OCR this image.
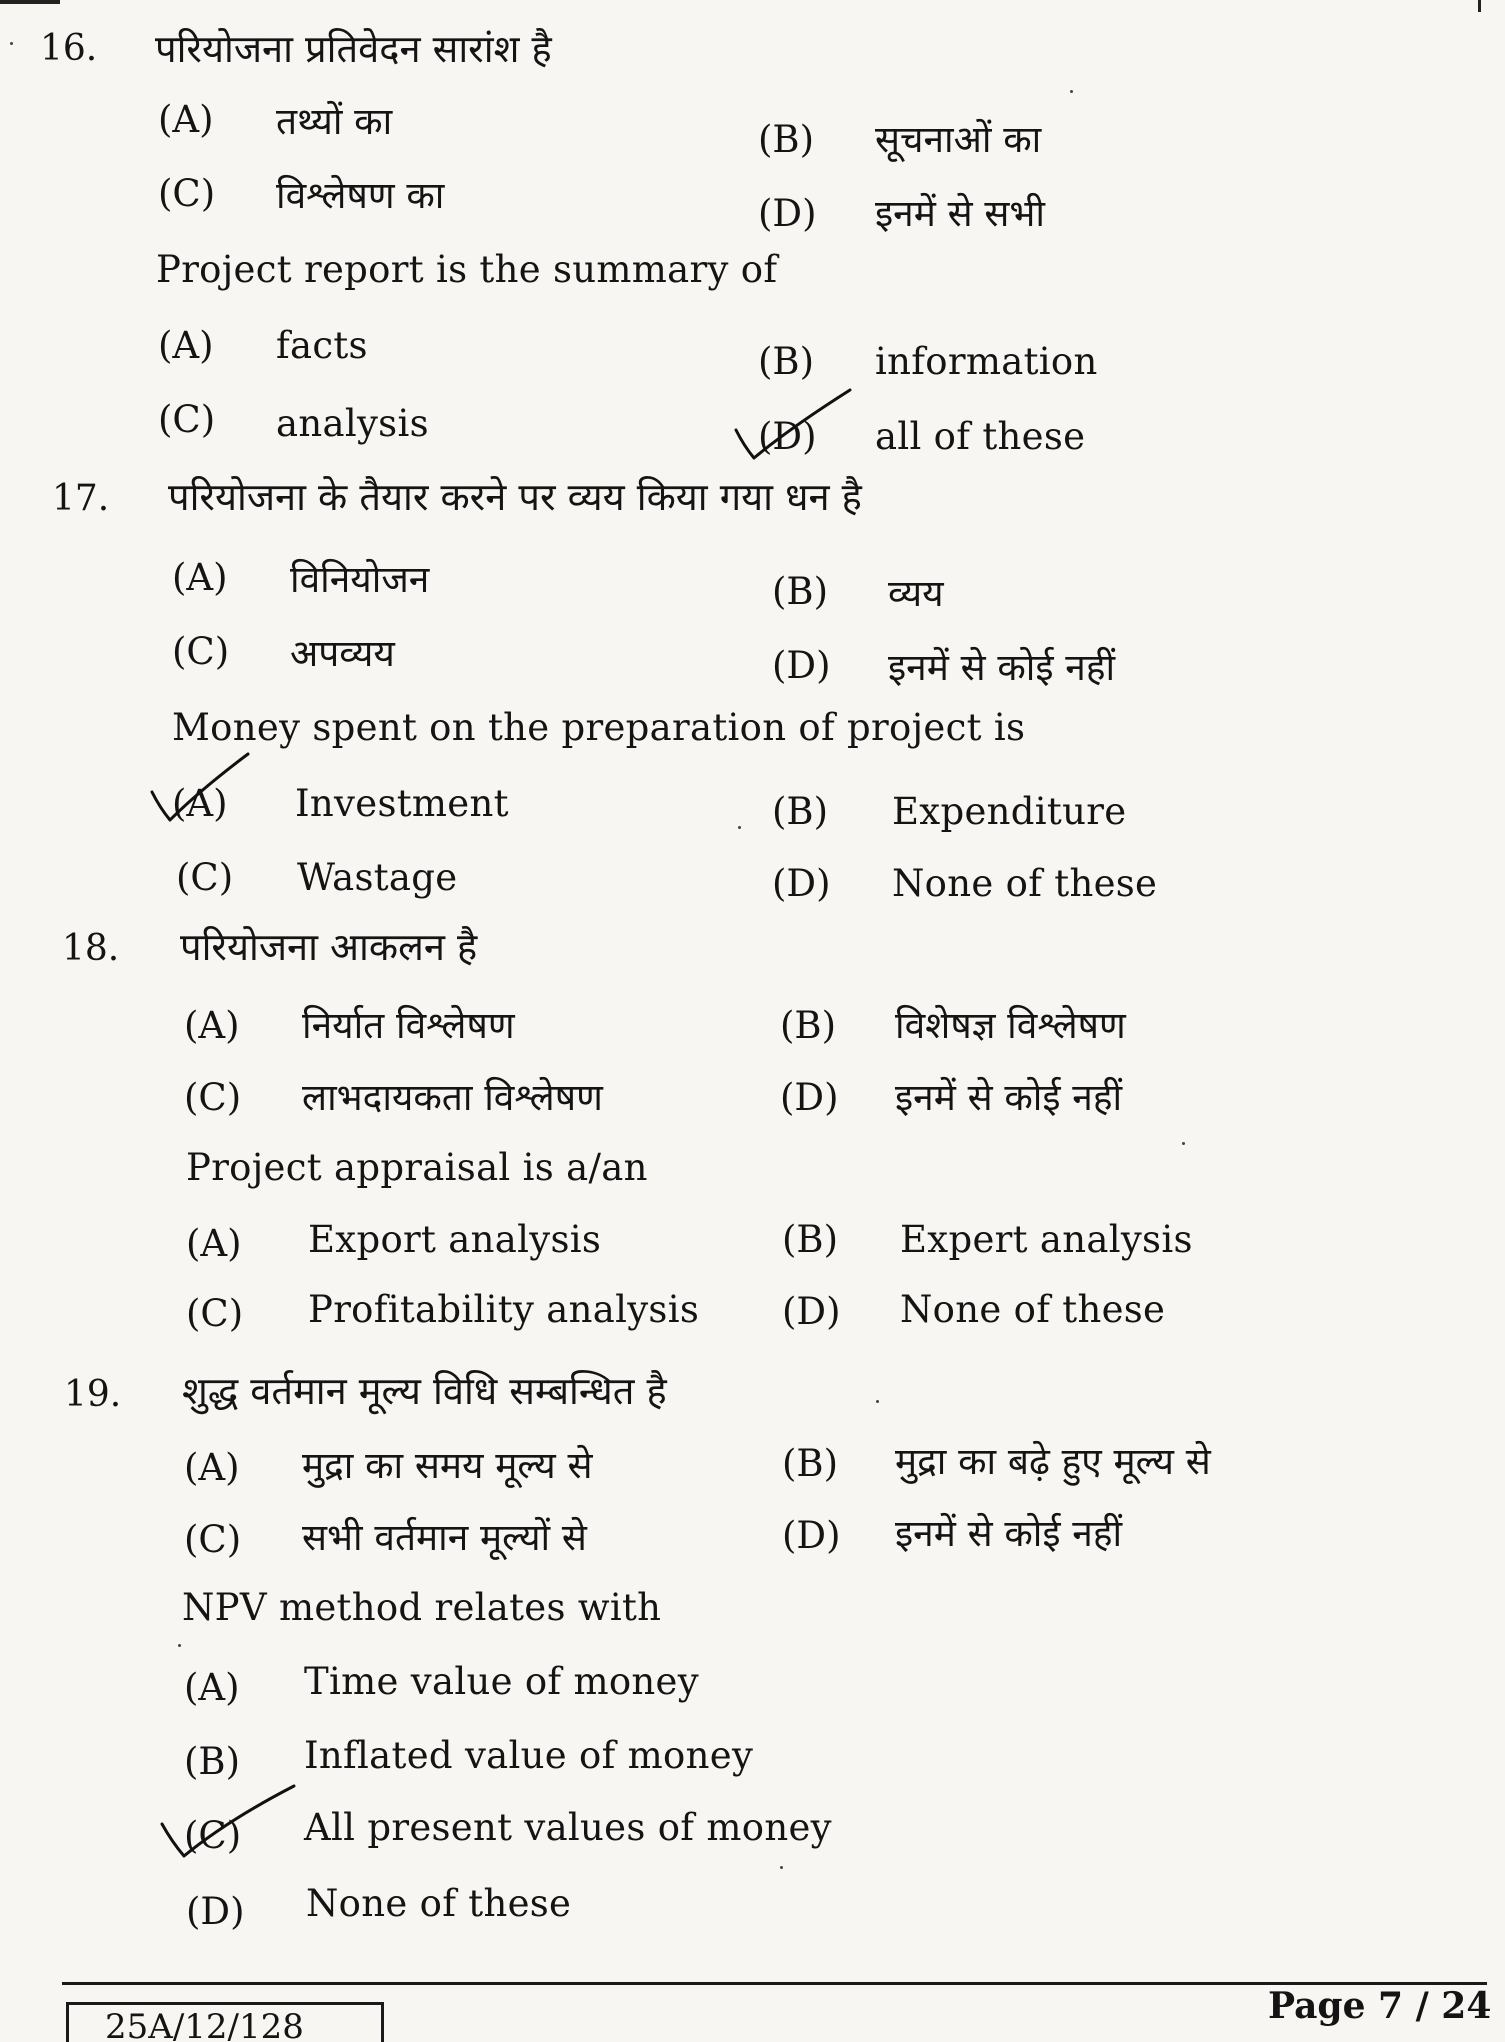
16. परियोजना प्रतिवेदन सारांश है
(A) तथ्यों का	(B) सूचनाओं का
(C) विश्लेषण का	(D) इनमें से सभी
Project report is the summary of
(A) facts	(B) information
(C) analysis	(D) all of these
17. परियोजना के तैयार करने पर व्यय किया गया धन है
(A) विनियोजन	(B) व्यय
(C) अपव्यय	(D) इनमें से कोई नहीं
Money spent on the preparation of project is
(A) Investment	(B) Expenditure
(C) Wastage	(D) None of these
18. परियोजना आकलन है
(A) निर्यात विश्लेषण	(B) विशेषज्ञ विश्लेषण
(C) लाभदायकता विश्लेषण	(D) इनमें से कोई नहीं
Project appraisal is a/an
(A) Export analysis	(B) Expert analysis
(C) Profitability analysis (D) None of these
19. शुद्ध वर्तमान मूल्य विधि सम्बन्धित है
(A) मुद्रा का समय मूल्य से	(B) मुद्रा का बढ़े हुए मूल्य से
(C) सभी वर्तमान मूल्यों से	(D) इनमें से कोई नहीं
NPV method relates with
(A) Time value of money
(B) Inflated value of money
(C) All present values of money
(D) None of these
25A/12/128	Page 7 / 24
